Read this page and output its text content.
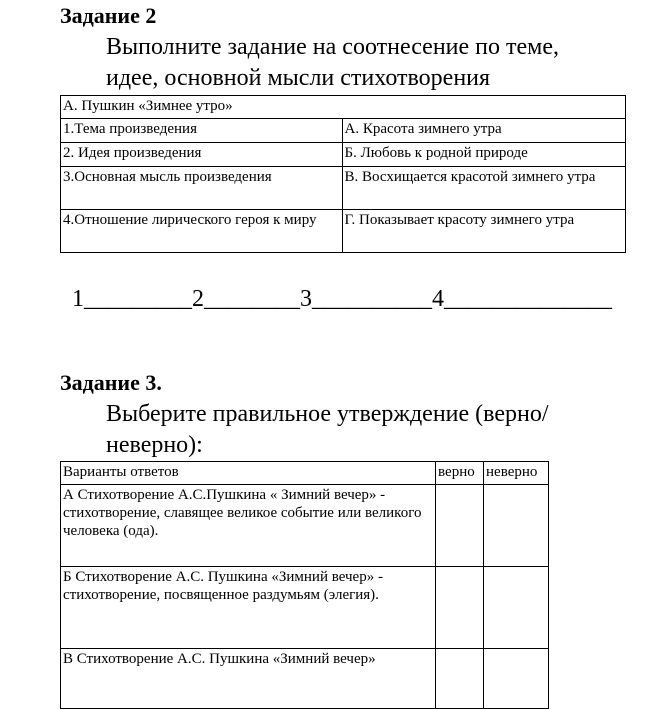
Задание 2
Выполните задание на соотнесение по теме,
идее, основной мысли стихотворения
А. Пушкин «Зимнее утро»	
1.Тема произведения	А. Красота зимнего утра
2. Идея произведения	Б. Любовь к родной природе
3.Основная мысль произведения	В. Восхищается красотой зимнего утра
4.Отношение лирического героя к миру	Г. Показывает красоту зимнего утра
1_________2________3__________4______________
Задание 3.
Выберите правильное утверждение (верно/
неверно):
Варианты ответов	верно	неверно
А Стихотворение А.С.Пушкина « Зимний вечер» - стихотворение, славящее великое событие или великого человека (ода).		
Б Стихотворение А.С. Пушкина «Зимний вечер» - стихотворение, посвященное раздумьям (элегия).		
В Стихотворение А.С. Пушкина «Зимний вечер»		
